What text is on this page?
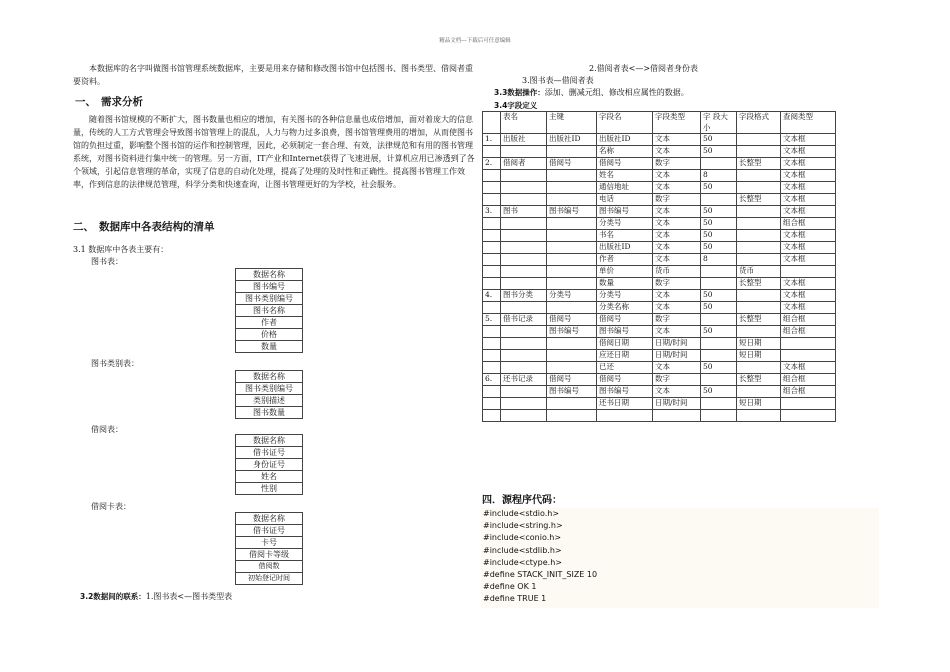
精品文档---下载后可任意编辑
本数据库的名字叫做图书馆管理系统数据库，主要是用来存储和修改图书馆中包括图书、图书类型、借阅者重要资料。
一、 需求分析
随着图书馆规模的不断扩大，图书数量也相应的增加，有关图书的各种信息量也成倍增加，面对着庞大的信息量，传统的人工方式管理会导致图书馆管理上的混乱，人力与物力过多浪费，图书馆管理费用的增加，从而使图书馆的负担过重，影响整个图书馆的运作和控制管理，因此，必须制定一套合理、有效，法律规范和有用的图书管理系统，对图书资料进行集中统一的管理。另一方面，IT产业和Internet获得了飞速进展，计算机应用已渗透到了各个领域，引起信息管理的革命，实现了信息的自动化处理，提高了处理的及时性和正确性。提高图书管理工作效率，作到信息的法律规范管理，科学分类和快速查询，让图书管理更好的为学校，社会服务。
二、 数据库中各表结构的清单
3.1 数据库中各表主要有：
图书表：
数据名称
图书编号
图书类别编号
图书名称
作者
价格
数量
图书类别表：
数据名称
图书类别编号
类别描述
图书数量
借阅表：
数据名称
借书证号
身份证号
姓名
性别
借阅卡表：
数据名称
借书证号
卡号
借阅卡等级
借阅数
初始登记时间
3.2数据间的联系：1.图书表<—图书类型表
2.借阅者表<—>借阅者身份表
3.图书表—借阅者表
3.3数据操作：添加、删减元组、修改相应属性的数据。
3.4字段定义
	表名	主键	字段名	字段类型	字 段大小	字段格式	查阅类型
1.	出版社	出版社ID	出版社ID	文本	50		文本框
			名称	文本	50		文本框
2.	借阅者	借阅号	借阅号	数字		长整型	文本框
			姓名	文本	8		文本框
			通信地址	文本	50		文本框
			电话	数字		长整型	文本框
3.	图书	图书编号	图书编号	文本	50		文本框
			分类号	文本	50		组合框
			书名	文本	50		文本框
			出版社ID	文本	50		文本框
			作者	文本	8		文本框
			单价	货币		货币	
			数量	数字		长整型	文本框
4.	图书分类	分类号	分类号	文本	50		文本框
			分类名称	文本	50		文本框
5.	借书记录	借阅号	借阅号	数字		长整型	组合框
		图书编号	图书编号	文本	50		组合框
			借阅日期	日期/时间		短日期	
			应还日期	日期/时间		短日期	
			已还	文本	50		文本框
6.	还书记录	借阅号	借阅号	数字		长整型	组合框
		图书编号	图书编号	文本	50		组合框
			还书日期	日期/时间		短日期	

四．源程序代码：
#include<stdio.h>
#include<string.h>
#include<conio.h>
#include<stdlib.h>
#include<ctype.h>
#define STACK_INIT_SIZE 10
#define OK 1
#define TRUE 1
